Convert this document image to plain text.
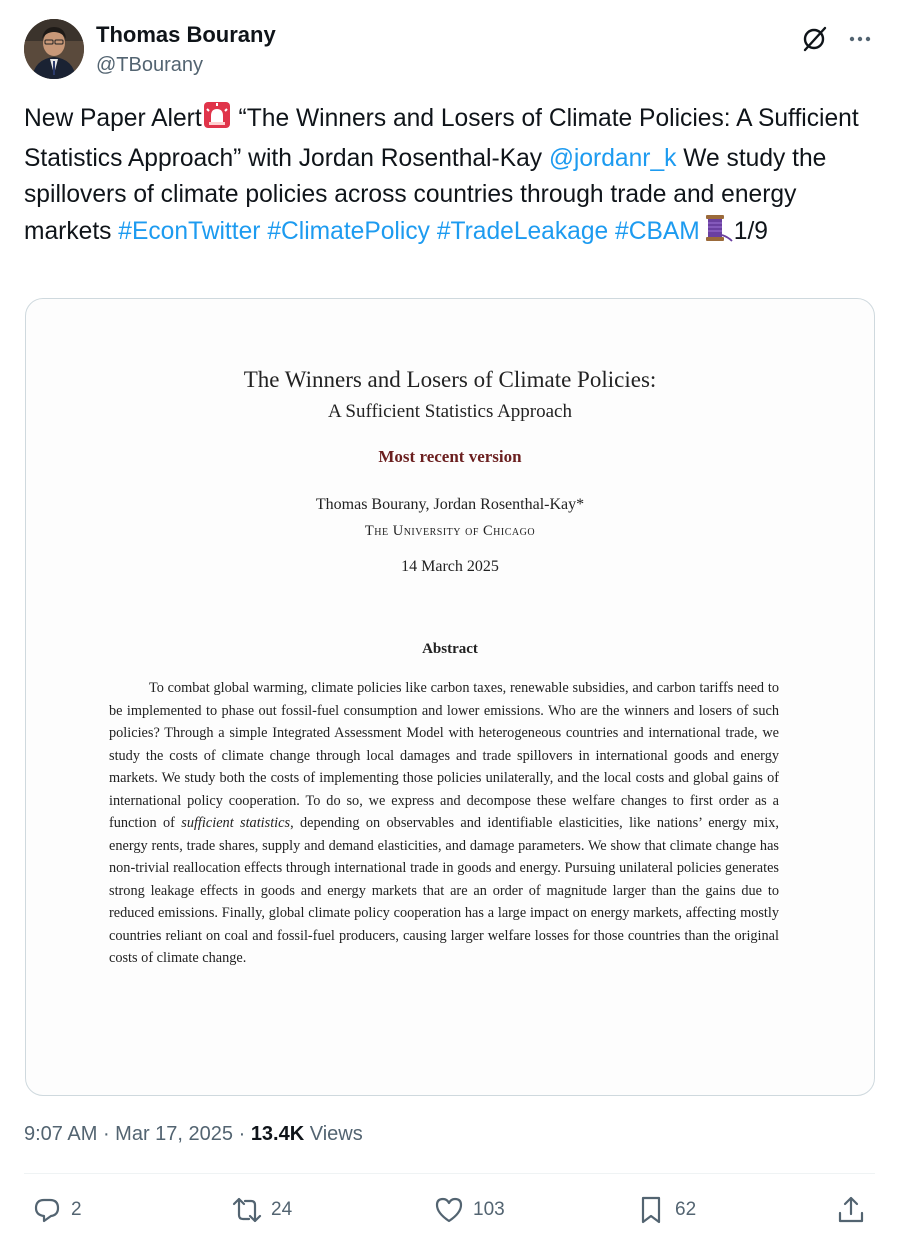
Thomas Bourany
@TBourany
New Paper Alert “The Winners and Losers of Climate Policies: A Sufficient Statistics Approach” with Jordan Rosenthal-Kay @jordanr_k We study the spillovers of climate policies across countries through trade and energy markets #EconTwitter #ClimatePolicy #TradeLeakage #CBAM 1/9
The Winners and Losers of Climate Policies:
A Sufficient Statistics Approach
Most recent version
Thomas Bourany, Jordan Rosenthal-Kay*
The University of Chicago
14 March 2025
Abstract
To combat global warming, climate policies like carbon taxes, renewable subsidies, and carbon tariffs need to be implemented to phase out fossil-fuel consumption and lower emissions. Who are the winners and losers of such policies? Through a simple Integrated Assessment Model with heterogeneous countries and international trade, we study the costs of climate change through local damages and trade spillovers in international goods and energy markets. We study both the costs of implementing those policies unilaterally, and the local costs and global gains of international policy cooperation. To do so, we express and decompose these welfare changes to first order as a function of sufficient statistics, depending on observables and identifiable elasticities, like nations’ energy mix, energy rents, trade shares, supply and demand elasticities, and damage parameters. We show that climate change has non-trivial reallocation effects through international trade in goods and energy. Pursuing unilateral policies generates strong leakage effects in goods and energy markets that are an order of magnitude larger than the gains due to reduced emissions. Finally, global climate policy cooperation has a large impact on energy markets, affecting mostly countries reliant on coal and fossil-fuel producers, causing larger welfare losses for those countries than the original costs of climate change.
9:07 AM · Mar 17, 2025 · 13.4K Views
2	24	103	62
